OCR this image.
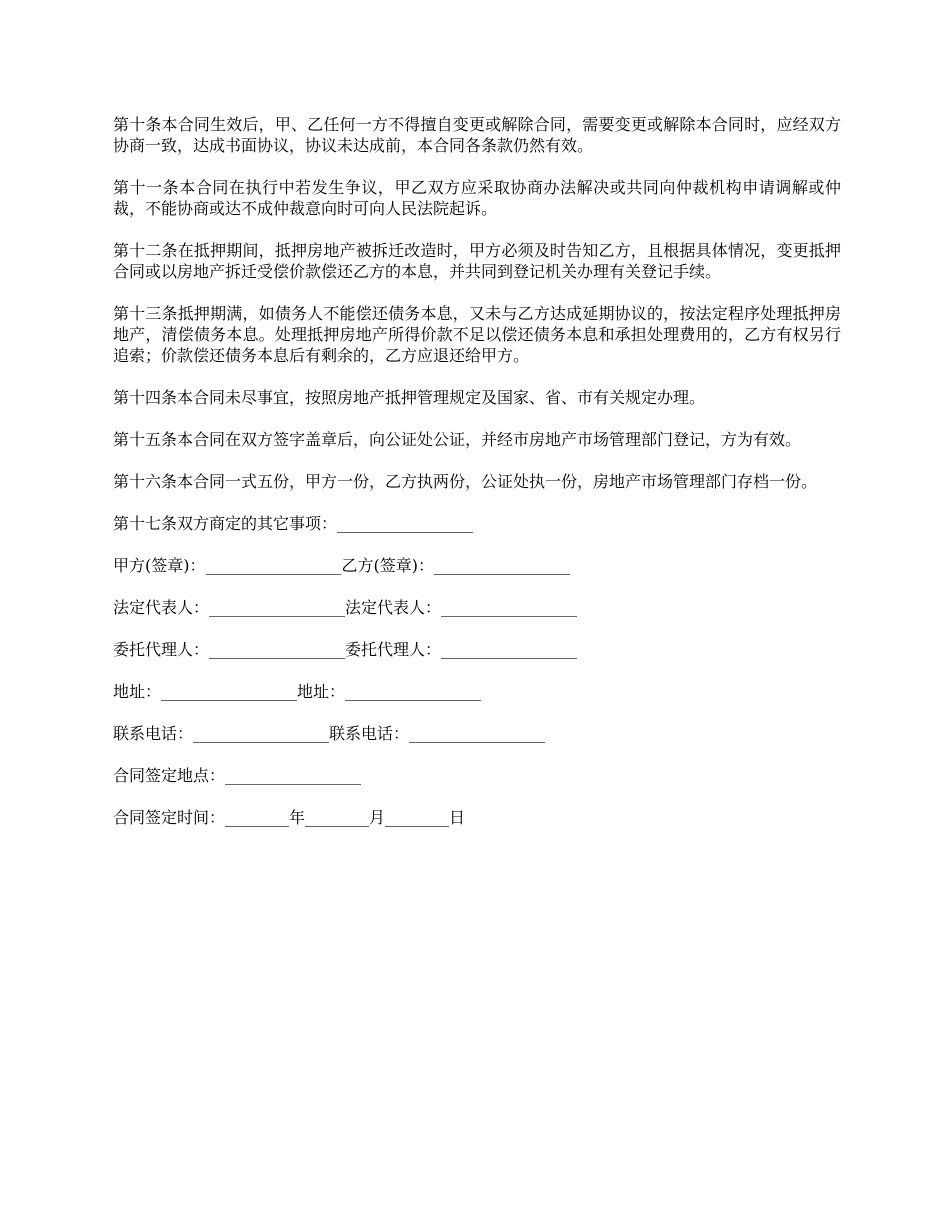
第十条本合同生效后，甲、乙任何一方不得擅自变更或解除合同，需要变更或解除本合同时，应经双方协商一致，达成书面协议，协议未达成前，本合同各条款仍然有效。

第十一条本合同在执行中若发生争议，甲乙双方应采取协商办法解决或共同向仲裁机构申请调解或仲裁，不能协商或达不成仲裁意向时可向人民法院起诉。

第十二条在抵押期间，抵押房地产被拆迁改造时，甲方必须及时告知乙方，且根据具体情况，变更抵押合同或以房地产拆迁受偿价款偿还乙方的本息，并共同到登记机关办理有关登记手续。

第十三条抵押期满，如债务人不能偿还债务本息，又未与乙方达成延期协议的，按法定程序处理抵押房地产，清偿债务本息。处理抵押房地产所得价款不足以偿还债务本息和承担处理费用的，乙方有权另行追索；价款偿还债务本息后有剩余的，乙方应退还给甲方。

第十四条本合同未尽事宜，按照房地产抵押管理规定及国家、省、市有关规定办理。

第十五条本合同在双方签字盖章后，向公证处公证，并经市房地产市场管理部门登记，方为有效。

第十六条本合同一式五份，甲方一份，乙方执两份，公证处执一份，房地产市场管理部门存档一份。

第十七条双方商定的其它事项：_________________
甲方(签章)：_________________乙方(签章)：_________________
法定代表人：_________________法定代表人：_________________
委托代理人：_________________委托代理人：_________________
地址：_________________地址：_________________
联系电话：_________________联系电话：_________________
合同签定地点：_________________
合同签定时间：________年________月________日
